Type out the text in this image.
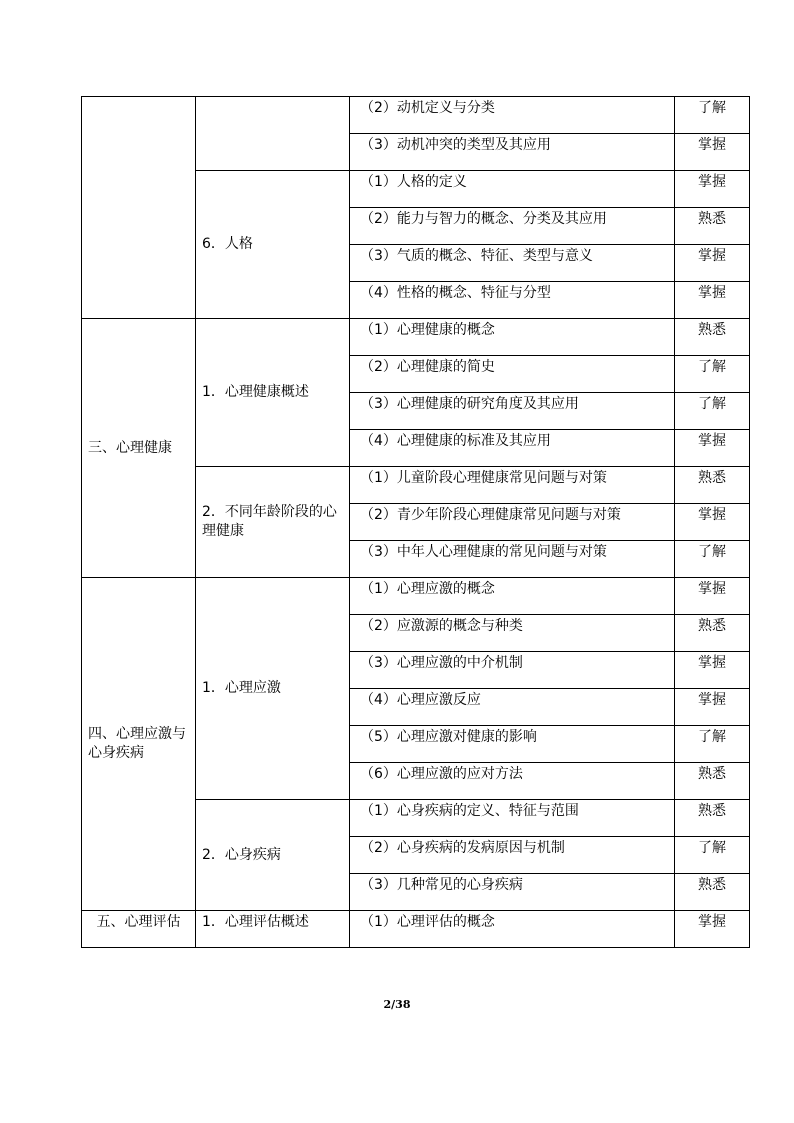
		（2）动机定义与分类	了解
		（3）动机冲突的类型及其应用	掌握
	6．人格	（1）人格的定义	掌握
		（2）能力与智力的概念、分类及其应用	熟悉
		（3）气质的概念、特征、类型与意义	掌握
		（4）性格的概念、特征与分型	掌握
三、心理健康	1．心理健康概述	（1）心理健康的概念	熟悉
		（2）心理健康的简史	了解
		（3）心理健康的研究角度及其应用	了解
		（4）心理健康的标准及其应用	掌握
	2．不同年龄阶段的心理健康	（1）儿童阶段心理健康常见问题与对策	熟悉
		（2）青少年阶段心理健康常见问题与对策	掌握
		（3）中年人心理健康的常见问题与对策	了解
四、心理应激与心身疾病	1．心理应激	（1）心理应激的概念	掌握
		（2）应激源的概念与种类	熟悉
		（3）心理应激的中介机制	掌握
		（4）心理应激反应	掌握
		（5）心理应激对健康的影响	了解
		（6）心理应激的应对方法	熟悉
	2．心身疾病	（1）心身疾病的定义、特征与范围	熟悉
		（2）心身疾病的发病原因与机制	了解
		（3）几种常见的心身疾病	熟悉
五、心理评估	1．心理评估概述	（1）心理评估的概念	掌握
2/38
